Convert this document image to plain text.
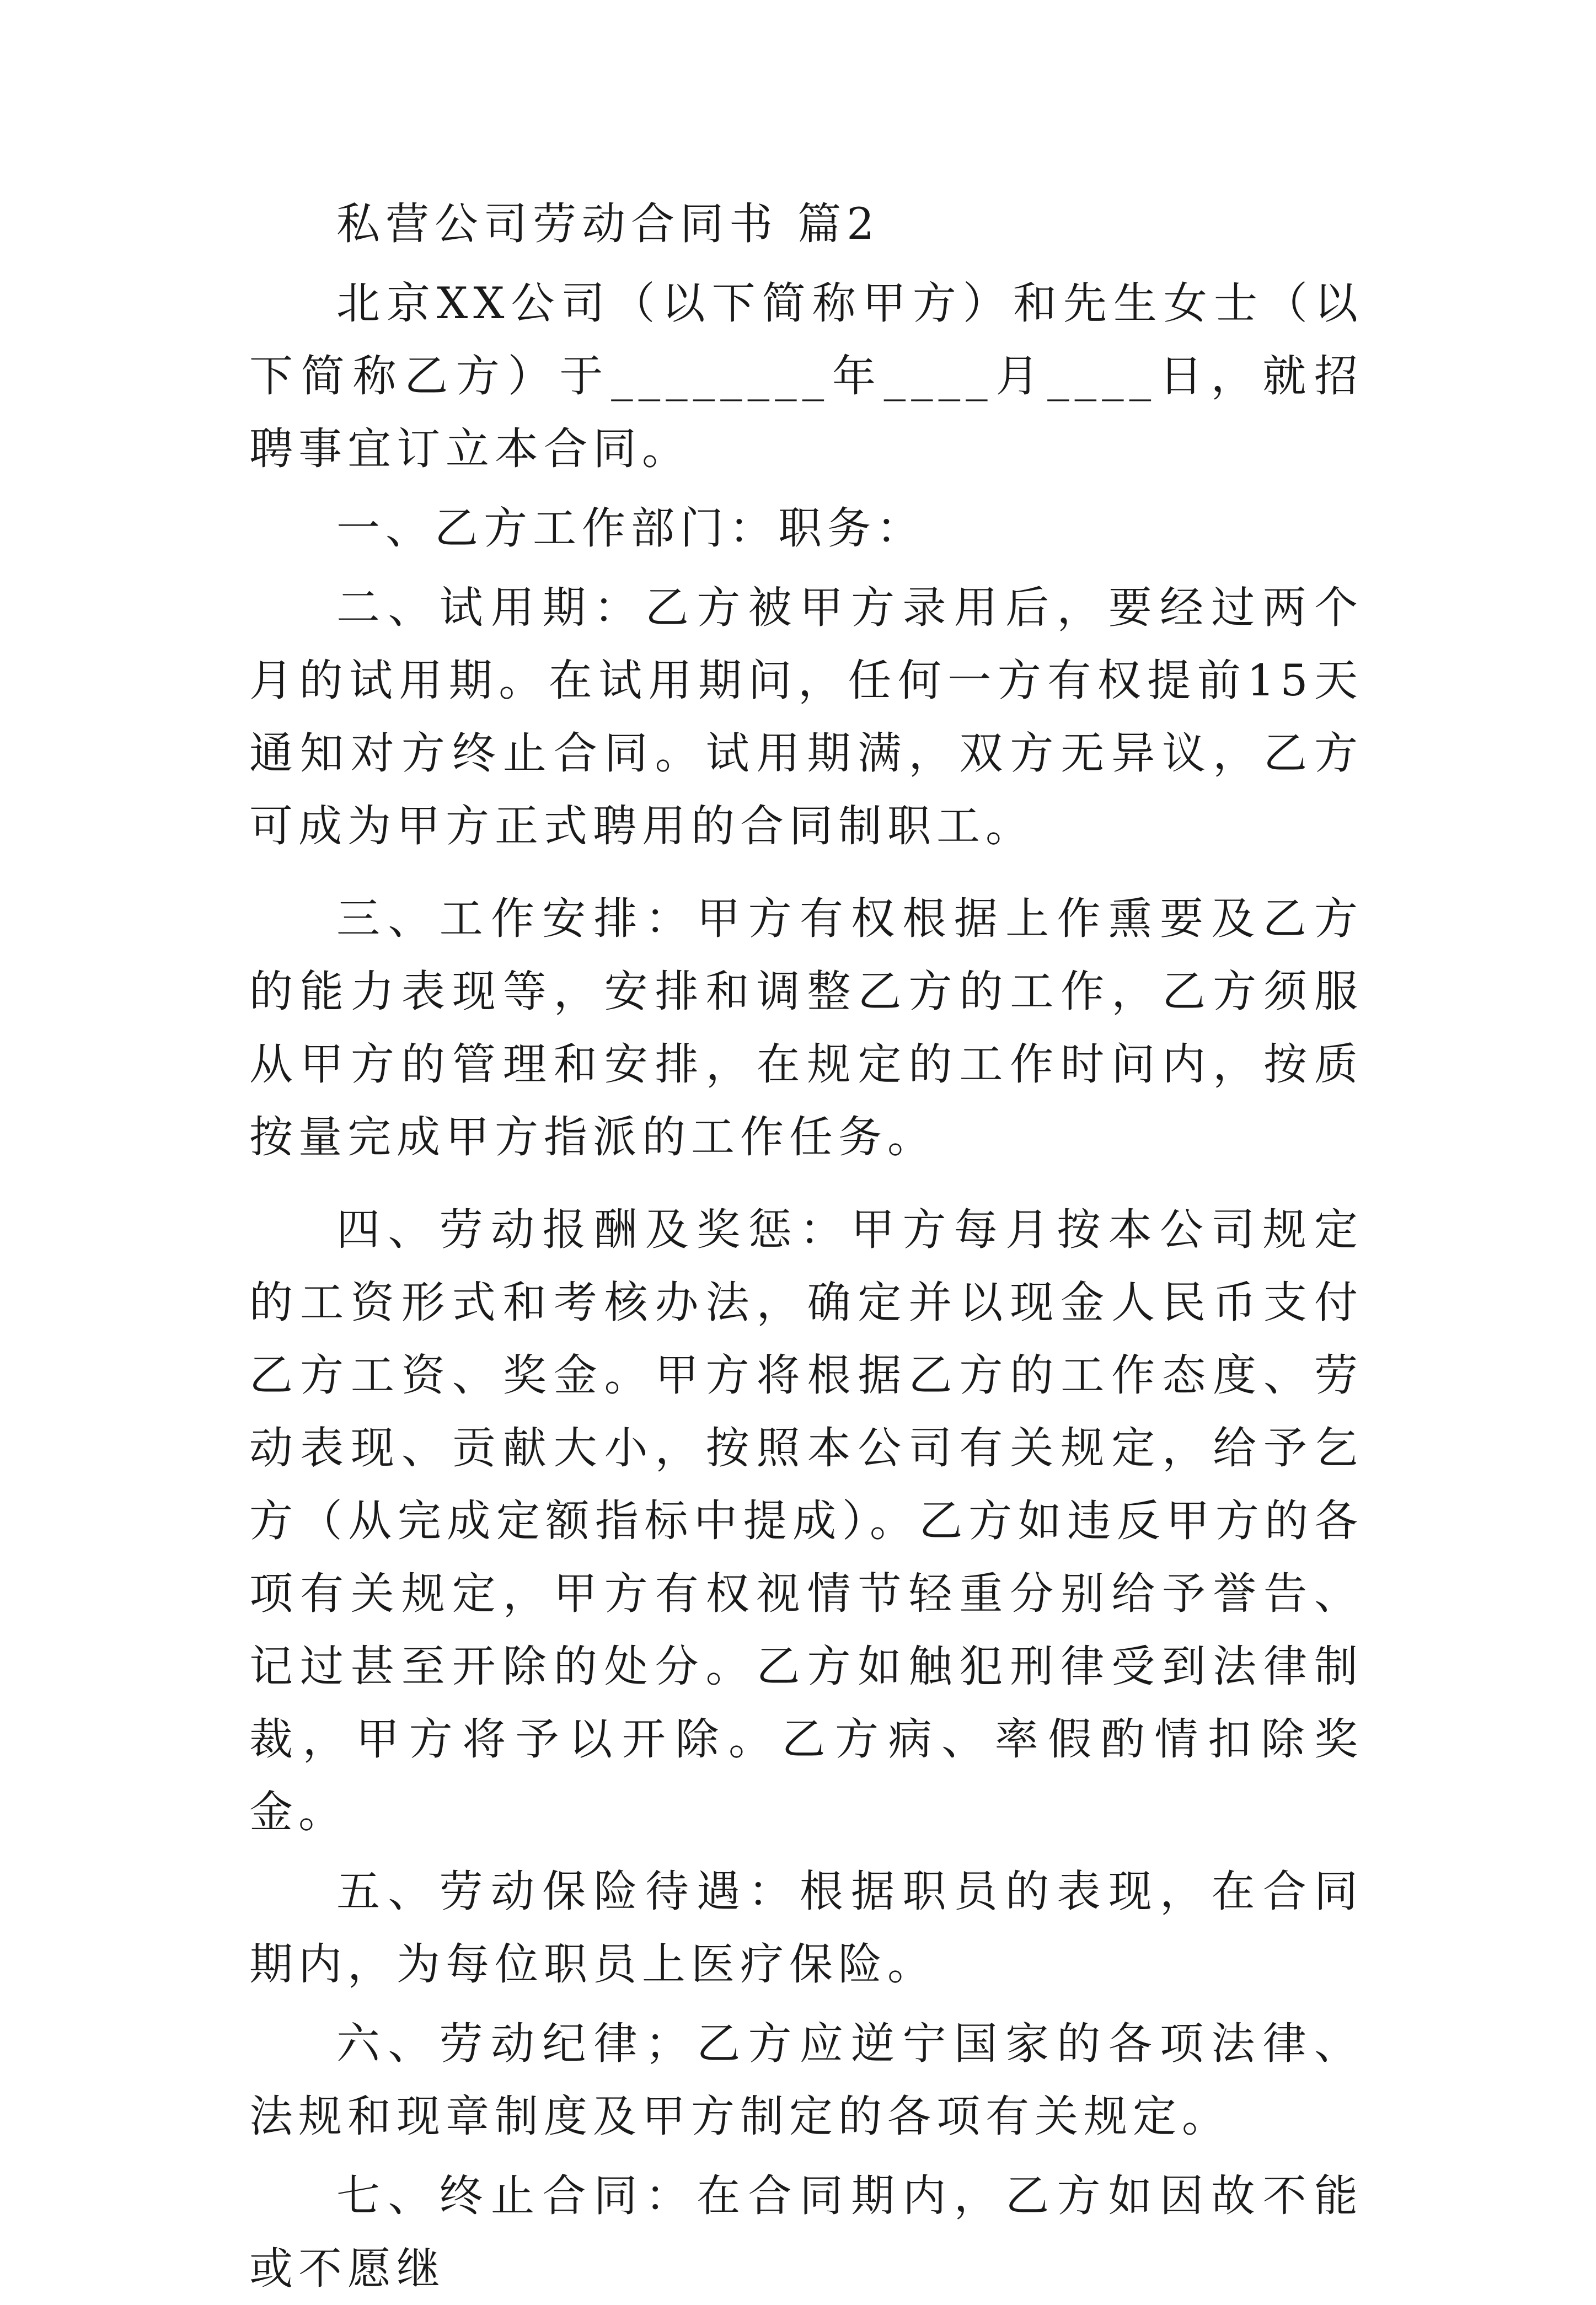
私营公司劳动合同书 篇2

北京XX公司（以下简称甲方）和先生女士（以下简称乙方）于________年____月____日，就招聘事宜订立本合同。

一、乙方工作部门：职务：

二、试用期：乙方被甲方录用后，要经过两个月的试用期。在试用期问，任何一方有权提前15天通知对方终止合同。试用期满，双方无异议，乙方可成为甲方正式聘用的合同制职工。

三、工作安排：甲方有权根据上作熏要及乙方的能力表现等，安排和调整乙方的工作，乙方须服从甲方的管理和安排，在规定的工作时问内，按质按量完成甲方指派的工作任务。

四、劳动报酬及奖惩：甲方每月按本公司规定的工资形式和考核办法，确定并以现金人民币支付乙方工资、奖金。甲方将根据乙方的工作态度、劳动表现、贡献大小，按照本公司有关规定，给予乞方（从完成定额指标中提成）。乙方如违反甲方的各项有关规定，甲方有权视情节轻重分别给予誉告、记过甚至开除的处分。乙方如触犯刑律受到法律制裁，甲方将予以开除。乙方病、率假酌情扣除奖金。

五、劳动保险待遇：根据职员的表现，在合同期内，为每位职员上医疗保险。

六、劳动纪律；乙方应逆宁国家的各项法律、法规和现章制度及甲方制定的各项有关规定。

七、终止合同：在合同期内，乙方如因故不能或不愿继
